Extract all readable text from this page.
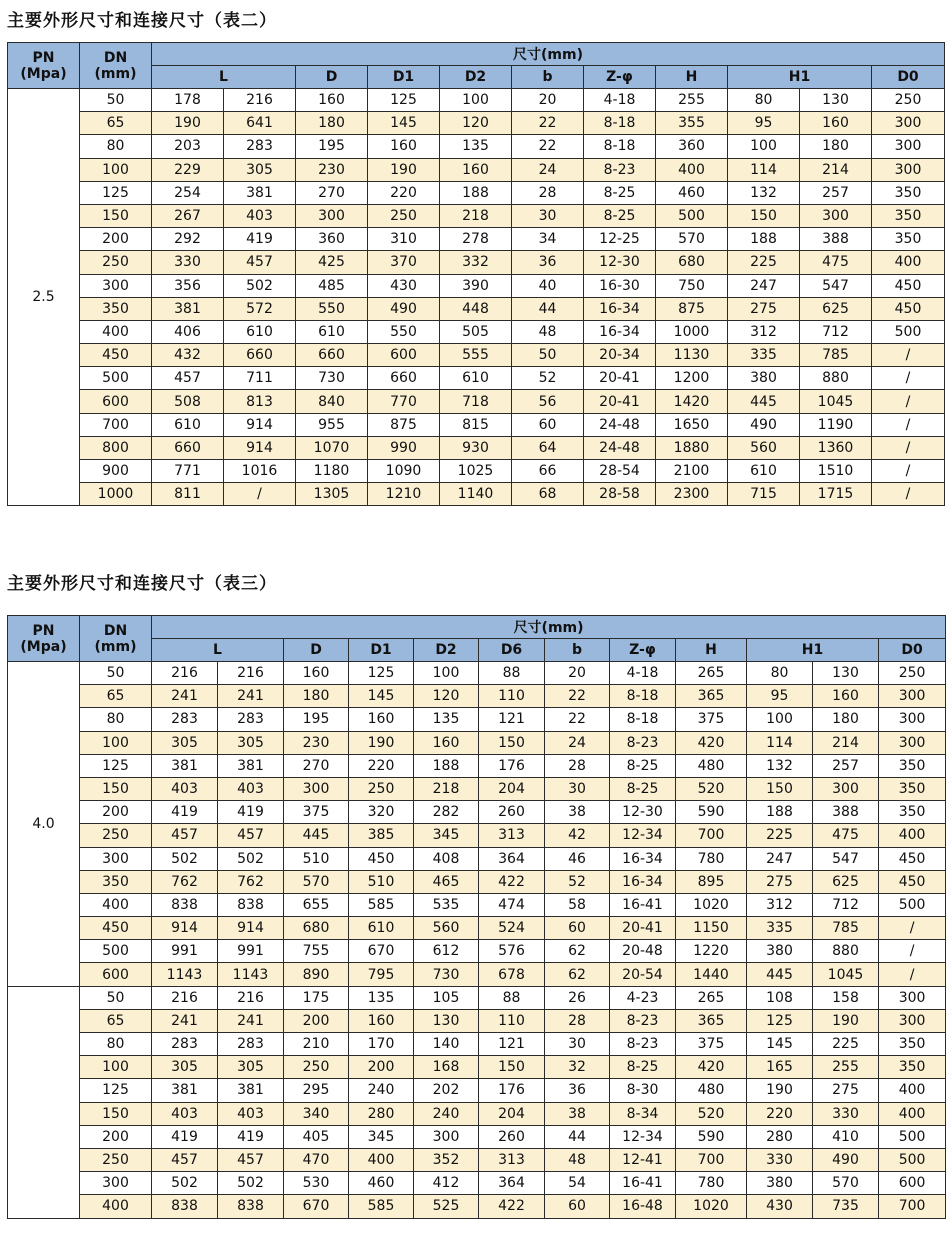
主要外形尺寸和连接尺寸（表二）
PN
(Mpa)	DN
(mm)	尺寸(mm)										
		L		D	D1	D2	b	Z-φ	H	H1		D0
2.5	50	178	216	160	125	100	20	4-18	255	80	130	250
	65	190	641	180	145	120	22	8-18	355	95	160	300
	80	203	283	195	160	135	22	8-18	360	100	180	300
	100	229	305	230	190	160	24	8-23	400	114	214	300
	125	254	381	270	220	188	28	8-25	460	132	257	350
	150	267	403	300	250	218	30	8-25	500	150	300	350
	200	292	419	360	310	278	34	12-25	570	188	388	350
	250	330	457	425	370	332	36	12-30	680	225	475	400
	300	356	502	485	430	390	40	16-30	750	247	547	450
	350	381	572	550	490	448	44	16-34	875	275	625	450
	400	406	610	610	550	505	48	16-34	1000	312	712	500
	450	432	660	660	600	555	50	20-34	1130	335	785	/
	500	457	711	730	660	610	52	20-41	1200	380	880	/
	600	508	813	840	770	718	56	20-41	1420	445	1045	/
	700	610	914	955	875	815	60	24-48	1650	490	1190	/
	800	660	914	1070	990	930	64	24-48	1880	560	1360	/
	900	771	1016	1180	1090	1025	66	28-54	2100	610	1510	/
	1000	811	/	1305	1210	1140	68	28-58	2300	715	1715	/
主要外形尺寸和连接尺寸（表三）
PN
(Mpa)	DN
(mm)	尺寸(mm)											
		L		D	D1	D2	D6	b	Z-φ	H	H1		D0
4.0	50	216	216	160	125	100	88	20	4-18	265	80	130	250
	65	241	241	180	145	120	110	22	8-18	365	95	160	300
	80	283	283	195	160	135	121	22	8-18	375	100	180	300
	100	305	305	230	190	160	150	24	8-23	420	114	214	300
	125	381	381	270	220	188	176	28	8-25	480	132	257	350
	150	403	403	300	250	218	204	30	8-25	520	150	300	350
	200	419	419	375	320	282	260	38	12-30	590	188	388	350
	250	457	457	445	385	345	313	42	12-34	700	225	475	400
	300	502	502	510	450	408	364	46	16-34	780	247	547	450
	350	762	762	570	510	465	422	52	16-34	895	275	625	450
	400	838	838	655	585	535	474	58	16-41	1020	312	712	500
	450	914	914	680	610	560	524	60	20-41	1150	335	785	/
	500	991	991	755	670	612	576	62	20-48	1220	380	880	/
	600	1143	1143	890	795	730	678	62	20-54	1440	445	1045	/
	50	216	216	175	135	105	88	26	4-23	265	108	158	300
	65	241	241	200	160	130	110	28	8-23	365	125	190	300
	80	283	283	210	170	140	121	30	8-23	375	145	225	350
	100	305	305	250	200	168	150	32	8-25	420	165	255	350
	125	381	381	295	240	202	176	36	8-30	480	190	275	400
	150	403	403	340	280	240	204	38	8-34	520	220	330	400
	200	419	419	405	345	300	260	44	12-34	590	280	410	500
	250	457	457	470	400	352	313	48	12-41	700	330	490	500
	300	502	502	530	460	412	364	54	16-41	780	380	570	600
	400	838	838	670	585	525	422	60	16-48	1020	430	735	700
